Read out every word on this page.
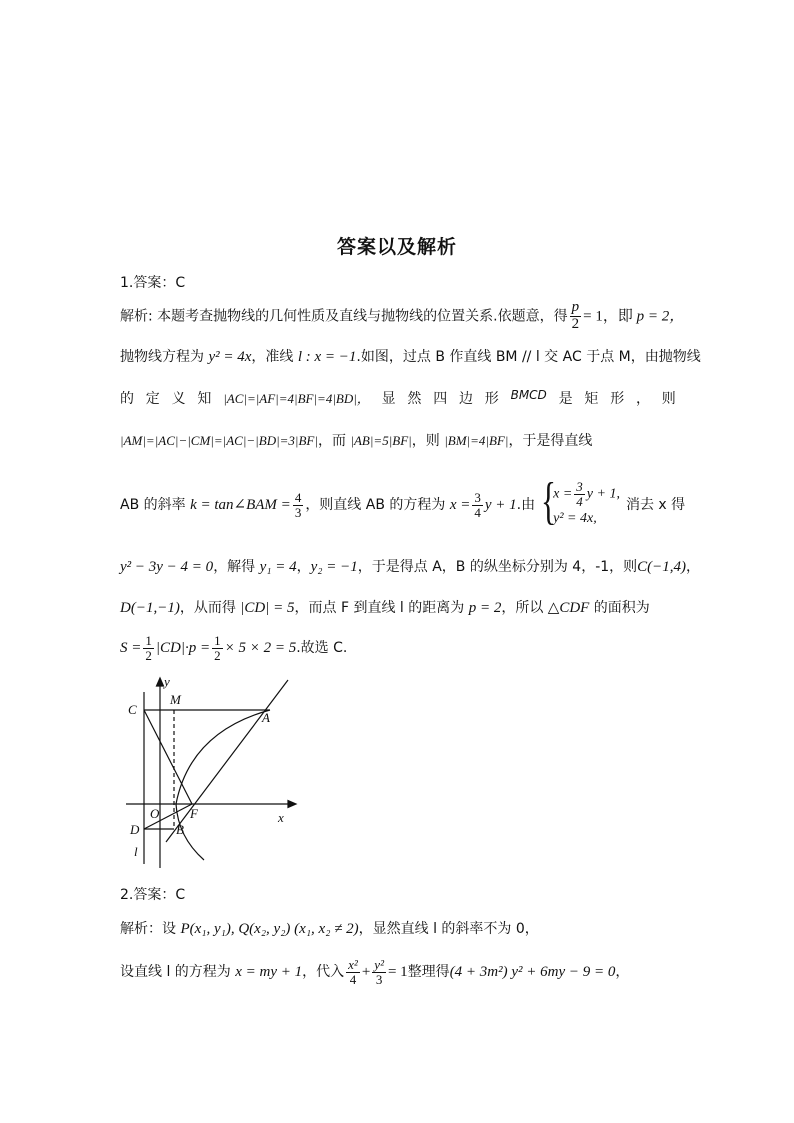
答案以及解析
1.答案：C
解析: 本题考查抛物线的几何性质及直线与抛物线的位置关系.依题意，得 $\frac{p}{2} = 1$，即 p = 2，
抛物线方程为 y² = 4x，准线 l : x = −1.如图，过点 B 作直线 BM // l 交 AC 于点 M，由抛物线
的 定 义 知 |AC|=|AF|=4|BF|=4|BD|， 显 然 四 边 形 BMCD 是 矩 形 ， 则
|AM|=|AC|−|CM|=|AC|−|BD|=3|BF|，而 |AB|=5|BF|，则 |BM|=4|BF|，于是得直线
AB 的斜率 k = tan∠BAM = $\frac{4}{3}$ ，则直线 AB 的方程为 $x = \frac{3}{4}$ y + 1.由 {
$x = \frac{3}{4}$ y + 1,
y² = 4x,
消去 x 得
y² − 3y − 4 = 0，解得 y₁ = 4，y₂ = −1，于是得点 A，B 的纵坐标分别为 4，-1，则C(−1,4)，
D(−1,−1)，从而得 |CD| = 5，而点 F 到直线 l 的距离为 p = 2，所以 △CDF 的面积为
$S = \frac{1}{2} |CD|\cdot p = \frac{1}{2} \times 5 \times 2 = 5$.故选 C.
y
x
M
C
A
O F
D	B
l
2.答案：C
解析：设 P(x₁, y₁), Q(x₂, y₂) (x₁, x₂ ≠ 2)，显然直线 l 的斜率不为 0，
设直线 l 的方程为 x = my + 1，代入 $\frac{\text{x²}}{4} + \frac{\text{y²}}{3} = 1$整理得(4 + 3m²) y² + 6my − 9 = 0，
